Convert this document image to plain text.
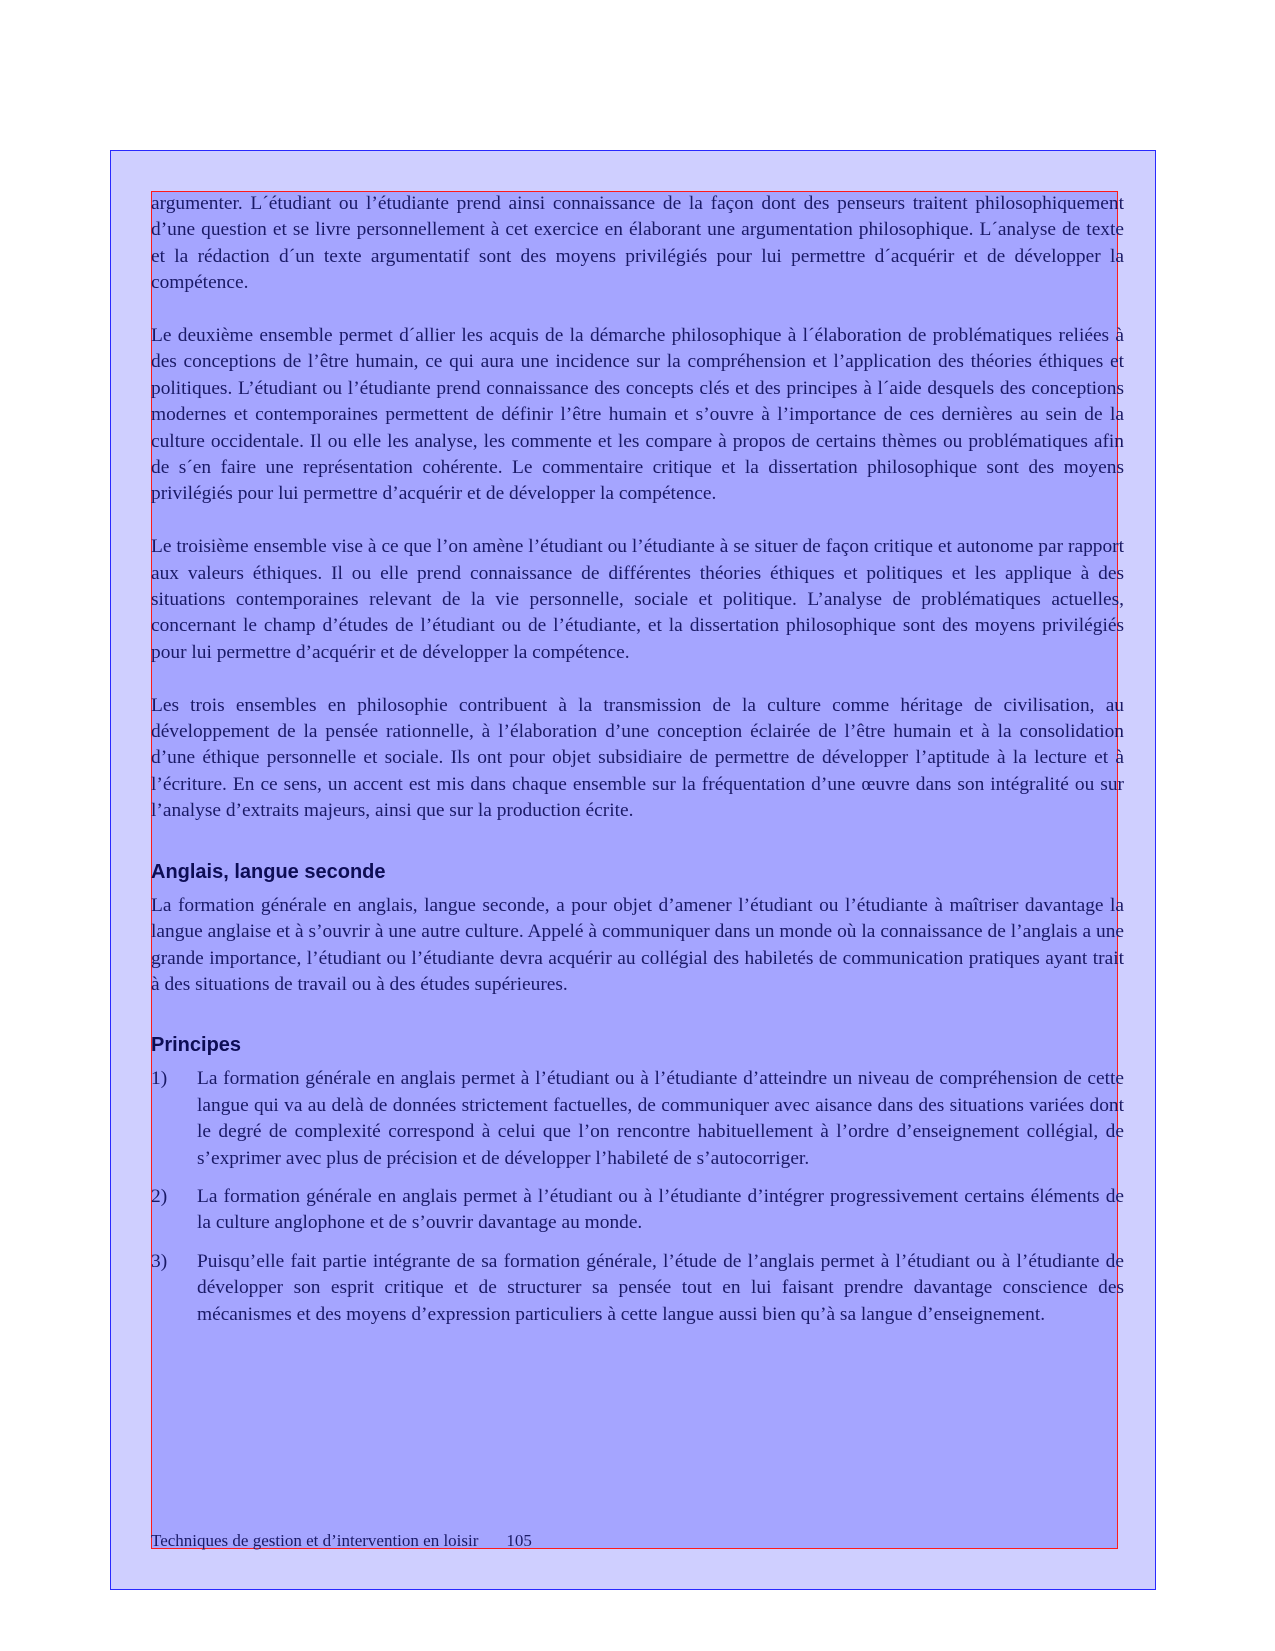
argumenter. L´étudiant ou l’étudiante prend ainsi connaissance de la façon dont des penseurs traitent philosophiquement d’une question et se livre personnellement à cet exercice en élaborant une argumentation philosophique. L´analyse de texte et la rédaction d´un texte argumentatif sont des moyens privilégiés pour lui permettre d´acquérir et de développer la compétence.

Le deuxième ensemble permet d´allier les acquis de la démarche philosophique à l´élaboration de problématiques reliées à des conceptions de l’être humain, ce qui aura une incidence sur la compréhension et l’application des théories éthiques et politiques. L’étudiant ou l’étudiante prend connaissance des concepts clés et des principes à l´aide desquels des conceptions modernes et contemporaines permettent de définir l’être humain et s’ouvre à l’importance de ces dernières au sein de la culture occidentale. Il ou elle les analyse, les commente et les compare à propos de certains thèmes ou problématiques afin de s´en faire une représentation cohérente. Le commentaire critique et la dissertation philosophique sont des moyens privilégiés pour lui permettre d’acquérir et de développer la compétence.

Le troisième ensemble vise à ce que l’on amène l’étudiant ou l’étudiante à se situer de façon critique et autonome par rapport aux valeurs éthiques. Il ou elle prend connaissance de différentes théories éthiques et politiques et les applique à des situations contemporaines relevant de la vie personnelle, sociale et politique. L’analyse de problématiques actuelles, concernant le champ d’études de l’étudiant ou de l’étudiante, et la dissertation philosophique sont des moyens privilégiés pour lui permettre d’acquérir et de développer la compétence.

Les trois ensembles en philosophie contribuent à la transmission de la culture comme héritage de civilisation, au développement de la pensée rationnelle, à l’élaboration d’une conception éclairée de l’être humain et à la consolidation d’une éthique personnelle et sociale. Ils ont pour objet subsidiaire de permettre de développer l’aptitude à la lecture et à l’écriture. En ce sens, un accent est mis dans chaque ensemble sur la fréquentation d’une œuvre dans son intégralité ou sur l’analyse d’extraits majeurs, ainsi que sur la production écrite.

Anglais, langue seconde

La formation générale en anglais, langue seconde, a pour objet d’amener l’étudiant ou l’étudiante à maîtriser davantage la langue anglaise et à s’ouvrir à une autre culture. Appelé à communiquer dans un monde où la connaissance de l’anglais a une grande importance, l’étudiant ou l’étudiante devra acquérir au collégial des habiletés de communication pratiques ayant trait à des situations de travail ou à des études supérieures.

Principes
1)	La formation générale en anglais permet à l’étudiant ou à l’étudiante d’atteindre un niveau de compréhension de cette langue qui va au delà de données strictement factuelles, de communiquer avec aisance dans des situations variées dont le degré de complexité correspond à celui que l’on rencontre habituellement à l’ordre d’enseignement collégial, de s’exprimer avec plus de précision et de développer l’habileté de s’autocorriger.
2)	La formation générale en anglais permet à l’étudiant ou à l’étudiante d’intégrer progressivement certains éléments de la culture anglophone et de s’ouvrir davantage au monde.
3)	Puisqu’elle fait partie intégrante de sa formation générale, l’étude de l’anglais permet à l’étudiant ou à l’étudiante de développer son esprit critique et de structurer sa pensée tout en lui faisant prendre davantage conscience des mécanismes et des moyens d’expression particuliers à cette langue aussi bien qu’à sa langue d’enseignement.
Techniques de gestion et d’intervention en loisir 105
